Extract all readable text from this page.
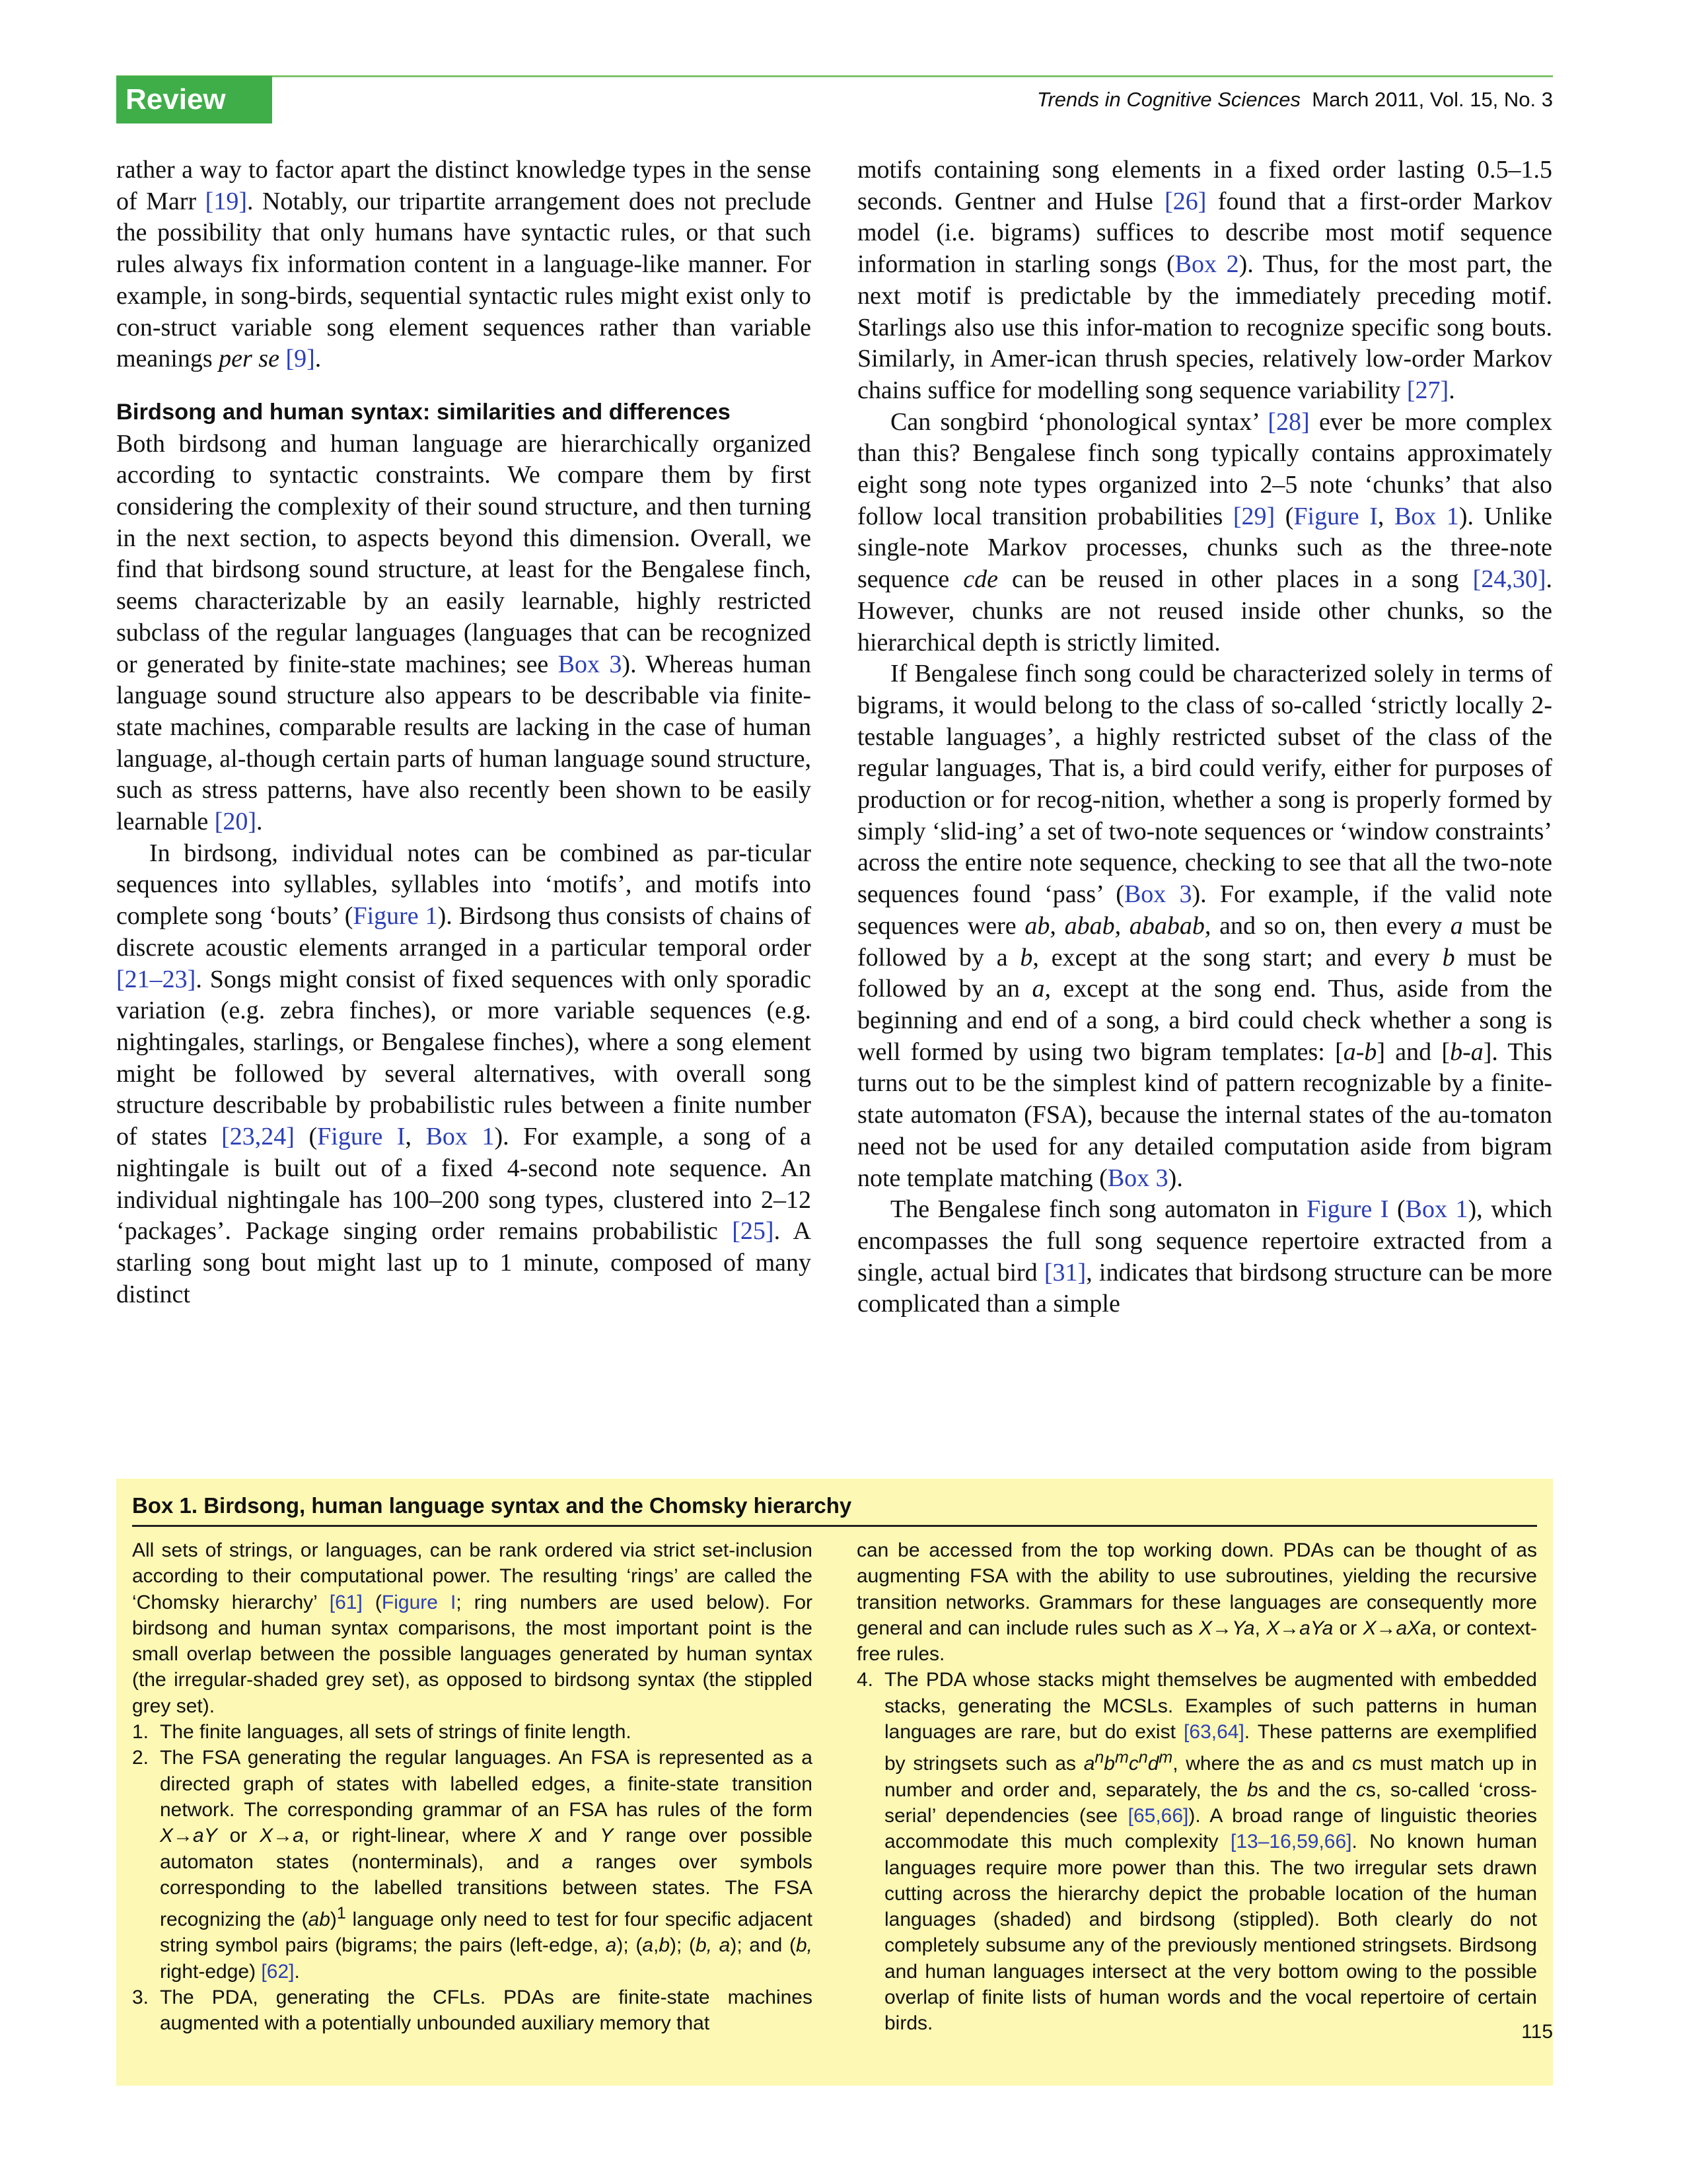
Review	Trends in Cognitive Sciences March 2011, Vol. 15, No. 3

rather a way to factor apart the distinct knowledge types in the sense of Marr [19]. Notably, our tripartite arrangement does not preclude the possibility that only humans have syntactic rules, or that such rules always fix information content in a language-like manner. For example, in song-birds, sequential syntactic rules might exist only to con-struct variable song element sequences rather than variable meanings per se [9].

Birdsong and human syntax: similarities and differences

Both birdsong and human language are hierarchically organized according to syntactic constraints. We compare them by first considering the complexity of their sound structure, and then turning in the next section, to aspects beyond this dimension. Overall, we find that birdsong sound structure, at least for the Bengalese finch, seems characterizable by an easily learnable, highly restricted subclass of the regular languages (languages that can be recognized or generated by finite-state machines; see Box 3). Whereas human language sound structure also appears to be describable via finite-state machines, comparable results are lacking in the case of human language, al-though certain parts of human language sound structure, such as stress patterns, have also recently been shown to be easily learnable [20].

In birdsong, individual notes can be combined as par-ticular sequences into syllables, syllables into ‘motifs’, and motifs into complete song ‘bouts’ (Figure 1). Birdsong thus consists of chains of discrete acoustic elements arranged in a particular temporal order [21–23]. Songs might consist of fixed sequences with only sporadic variation (e.g. zebra finches), or more variable sequences (e.g. nightingales, starlings, or Bengalese finches), where a song element might be followed by several alternatives, with overall song structure describable by probabilistic rules between a finite number of states [23,24] (Figure I, Box 1). For example, a song of a nightingale is built out of a fixed 4-second note sequence. An individual nightingale has 100–200 song types, clustered into 2–12 ‘packages’. Package singing order remains probabilistic [25]. A starling song bout might last up to 1 minute, composed of many distinct

motifs containing song elements in a fixed order lasting 0.5–1.5 seconds. Gentner and Hulse [26] found that a first-order Markov model (i.e. bigrams) suffices to describe most motif sequence information in starling songs (Box 2). Thus, for the most part, the next motif is predictable by the immediately preceding motif. Starlings also use this infor-mation to recognize specific song bouts. Similarly, in Amer-ican thrush species, relatively low-order Markov chains suffice for modelling song sequence variability [27].

Can songbird ‘phonological syntax’ [28] ever be more complex than this? Bengalese finch song typically contains approximately eight song note types organized into 2–5 note ‘chunks’ that also follow local transition probabilities [29] (Figure I, Box 1). Unlike single-note Markov processes, chunks such as the three-note sequence cde can be reused in other places in a song [24,30]. However, chunks are not reused inside other chunks, so the hierarchical depth is strictly limited.

If Bengalese finch song could be characterized solely in terms of bigrams, it would belong to the class of so-called ‘strictly locally 2-testable languages’, a highly restricted subset of the class of the regular languages, That is, a bird could verify, either for purposes of production or for recog-nition, whether a song is properly formed by simply ‘slid-ing’ a set of two-note sequences or ‘window constraints’ across the entire note sequence, checking to see that all the two-note sequences found ‘pass’ (Box 3). For example, if the valid note sequences were ab, abab, ababab, and so on, then every a must be followed by a b, except at the song start; and every b must be followed by an a, except at the song end. Thus, aside from the beginning and end of a song, a bird could check whether a song is well formed by using two bigram templates: [a-b] and [b-a]. This turns out to be the simplest kind of pattern recognizable by a finite-state automaton (FSA), because the internal states of the au-tomaton need not be used for any detailed computation aside from bigram note template matching (Box 3).

The Bengalese finch song automaton in Figure I (Box 1), which encompasses the full song sequence repertoire extracted from a single, actual bird [31], indicates that birdsong structure can be more complicated than a simple

Box 1. Birdsong, human language syntax and the Chomsky hierarchy

All sets of strings, or languages, can be rank ordered via strict set-inclusion according to their computational power. The resulting ‘rings’ are called the ‘Chomsky hierarchy’ [61] (Figure I; ring numbers are used below). For birdsong and human syntax comparisons, the most important point is the small overlap between the possible languages generated by human syntax (the irregular-shaded grey set), as opposed to birdsong syntax (the stippled grey set).

1. The finite languages, all sets of strings of finite length.
2. The FSA generating the regular languages. An FSA is represented as a directed graph of states with labelled edges, a finite-state transition network. The corresponding grammar of an FSA has rules of the form X→aY or X→a, or right-linear, where X and Y range over possible automaton states (nonterminals), and a ranges over symbols corresponding to the labelled transitions between states. The FSA recognizing the (ab)$^1$ language only need to test for four specific adjacent string symbol pairs (bigrams; the pairs (left-edge, a); (a,b); (b, a); and (b, right-edge) [62].
3. The PDA, generating the CFLs. PDAs are finite-state machines augmented with a potentially unbounded auxiliary memory that

can be accessed from the top working down. PDAs can be thought of as augmenting FSA with the ability to use subroutines, yielding the recursive transition networks. Grammars for these languages are consequently more general and can include rules such as X→Ya, X→aYa or X→aXa, or context-free rules.

4. The PDA whose stacks might themselves be augmented with embedded stacks, generating the MCSLs. Examples of such patterns in human languages are rare, but do exist [63,64]. These patterns are exemplified by stringsets such as $a^nb^mc^nd^m$, where the as and cs must match up in number and order and, separately, the bs and the cs, so-called ‘cross-serial’ dependencies (see [65,66]). A broad range of linguistic theories accommodate this much complexity [13–16,59,66]. No known human languages require more power than this. The two irregular sets drawn cutting across the hierarchy depict the probable location of the human languages (shaded) and birdsong (stippled). Both clearly do not completely subsume any of the previously mentioned stringsets. Birdsong and human languages intersect at the very bottom owing to the possible overlap of finite lists of human words and the vocal repertoire of certain birds.	115
